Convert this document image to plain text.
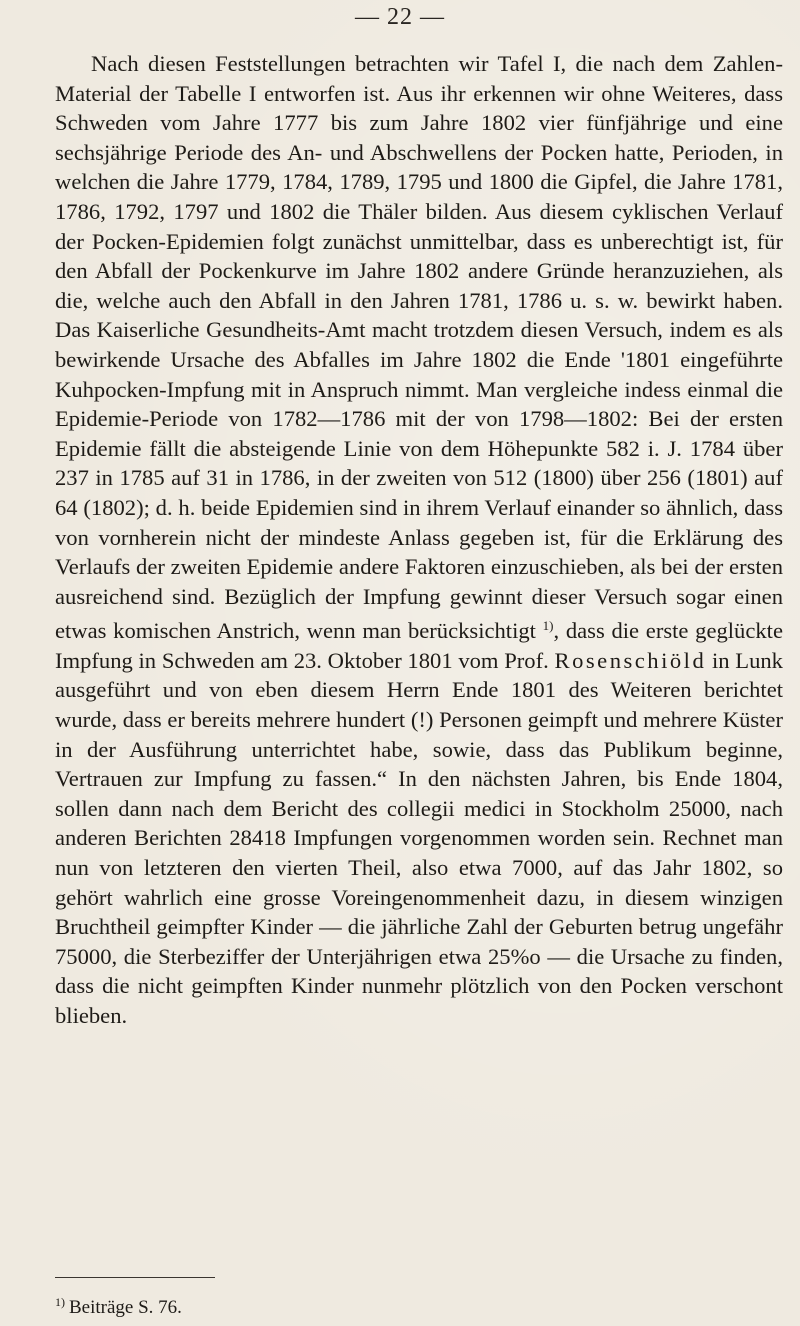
— 22 —

Nach diesen Feststellungen betrachten wir Tafel I, die nach dem Zahlen-Material der Tabelle I entworfen ist. Aus ihr erkennen wir ohne Weiteres, dass Schweden vom Jahre 1777 bis zum Jahre 1802 vier fünfjährige und eine sechsjährige Periode des An- und Abschwellens der Pocken hatte, Perioden, in welchen die Jahre 1779, 1784, 1789, 1795 und 1800 die Gipfel, die Jahre 1781, 1786, 1792, 1797 und 1802 die Thäler bilden. Aus diesem cyklischen Verlauf der Pocken-Epidemien folgt zunächst unmittelbar, dass es unberechtigt ist, für den Abfall der Pockenkurve im Jahre 1802 andere Gründe heranzuziehen, als die, welche auch den Abfall in den Jahren 1781, 1786 u. s. w. bewirkt haben. Das Kaiserliche Gesundheits-Amt macht trotzdem diesen Versuch, indem es als bewirkende Ursache des Abfalles im Jahre 1802 die Ende '1801 eingeführte Kuhpocken-Impfung mit in Anspruch nimmt. Man vergleiche indess einmal die Epidemie-Periode von 1782—1786 mit der von 1798—1802: Bei der ersten Epidemie fällt die absteigende Linie von dem Höhepunkte 582 i. J. 1784 über 237 in 1785 auf 31 in 1786, in der zweiten von 512 (1800) über 256 (1801) auf 64 (1802); d. h. beide Epidemien sind in ihrem Verlauf einander so ähnlich, dass von vornherein nicht der mindeste Anlass gegeben ist, für die Erklärung des Verlaufs der zweiten Epidemie andere Faktoren einzuschieben, als bei der ersten ausreichend sind. Bezüglich der Impfung gewinnt dieser Versuch sogar einen etwas komischen Anstrich, wenn man berücksichtigt $^{1)}$, dass die erste geglückte Impfung in Schweden am 23. Oktober 1801 vom Prof. Rosenschiöld in Lunk ausgeführt und von eben diesem Herrn Ende 1801 des Weiteren berichtet wurde, dass er bereits mehrere hundert (!) Personen geimpft und mehrere Küster in der Ausführung unterrichtet habe, sowie, dass das Publikum beginne, Vertrauen zur Impfung zu fassen.“ In den nächsten Jahren, bis Ende 1804, sollen dann nach dem Bericht des collegii medici in Stockholm 25000, nach anderen Berichten 28418 Impfungen vorgenommen worden sein. Rechnet man nun von letzteren den vierten Theil, also etwa 7000, auf das Jahr 1802, so gehört wahrlich eine grosse Voreingenommenheit dazu, in diesem winzigen Bruchtheil geimpfter Kinder — die jährliche Zahl der Geburten betrug ungefähr 75000, die Sterbeziffer der Unterjährigen etwa 25%o — die Ursache zu finden, dass die nicht geimpften Kinder nunmehr plötzlich von den Pocken verschont blieben.

$^{1)}$ Beiträge S. 76.
